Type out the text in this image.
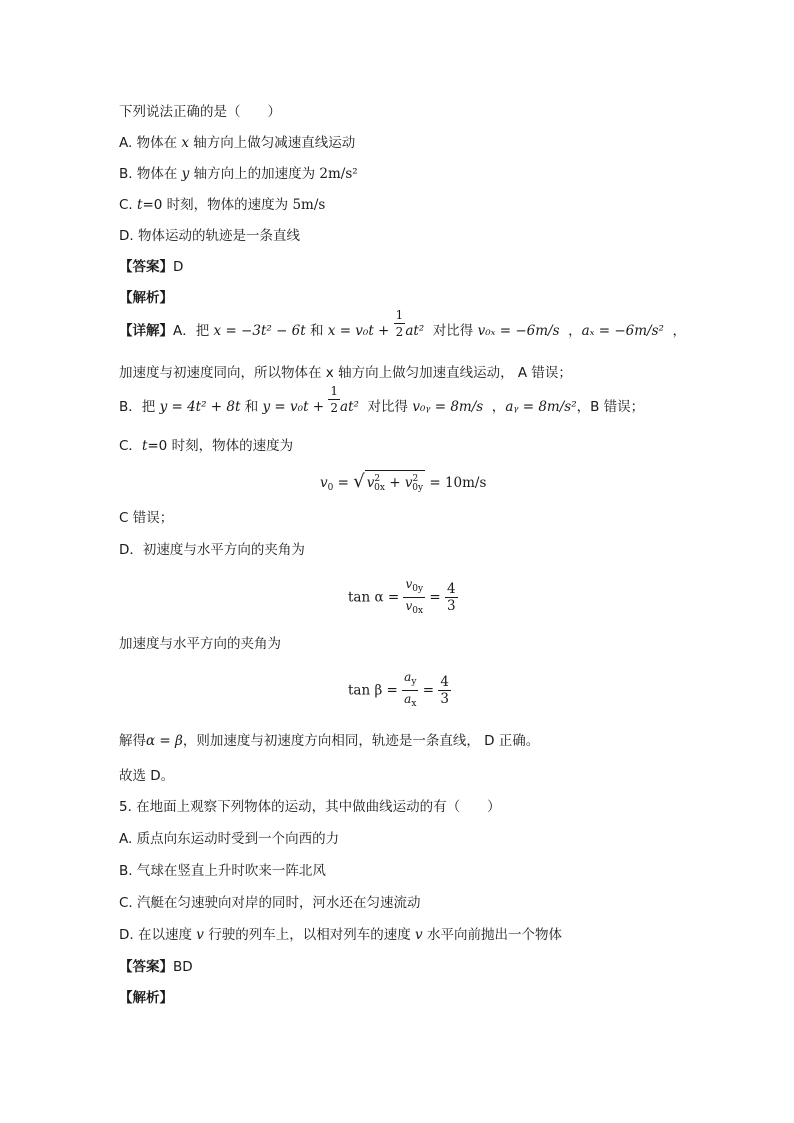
下列说法正确的是（　　）
A. 物体在 x 轴方向上做匀减速直线运动
B. 物体在 y 轴方向上的加速度为 2m/s²
C. t=0 时刻，物体的速度为 5m/s
D. 物体运动的轨迹是一条直线
【答案】D
【解析】
【详解】A．把 x = −3t² − 6t 和 $x = v_0t + \frac{1}{2} at^2$ 对比得 v₀ₓ = −6m/s  ，aₓ = −6m/s²  ，
加速度与初速度同向，所以物体在 x 轴方向上做匀加速直线运动， A 错误；
B．把 y = 4t² + 8t 和 $y = v_0t + \frac{1}{2} at^2$ 对比得 v₀ᵧ = 8m/s  ，aᵧ = 8m/s²，B 错误；
C．t=0 时刻，物体的速度为
$v_0$ = √ $v^2_{0x} + v^2_{0y} = 10m/s$
C 错误；
D．初速度与水平方向的夹角为
$\tan \alpha = \frac{v_{0y}}{v_{0x}} = \frac{4}{3}$
加速度与水平方向的夹角为
$\tan \beta = \frac{a_y}{a_x} = \frac{4}{3}$
解得α = β，则加速度与初速度方向相同，轨迹是一条直线， D 正确。
故选 D。
5. 在地面上观察下列物体的运动，其中做曲线运动的有（　　）
A. 质点向东运动时受到一个向西的力
B. 气球在竖直上升时吹来一阵北风
C. 汽艇在匀速驶向对岸的同时，河水还在匀速流动
D. 在以速度 v 行驶的列车上，以相对列车的速度 v 水平向前抛出一个物体
【答案】BD
【解析】
